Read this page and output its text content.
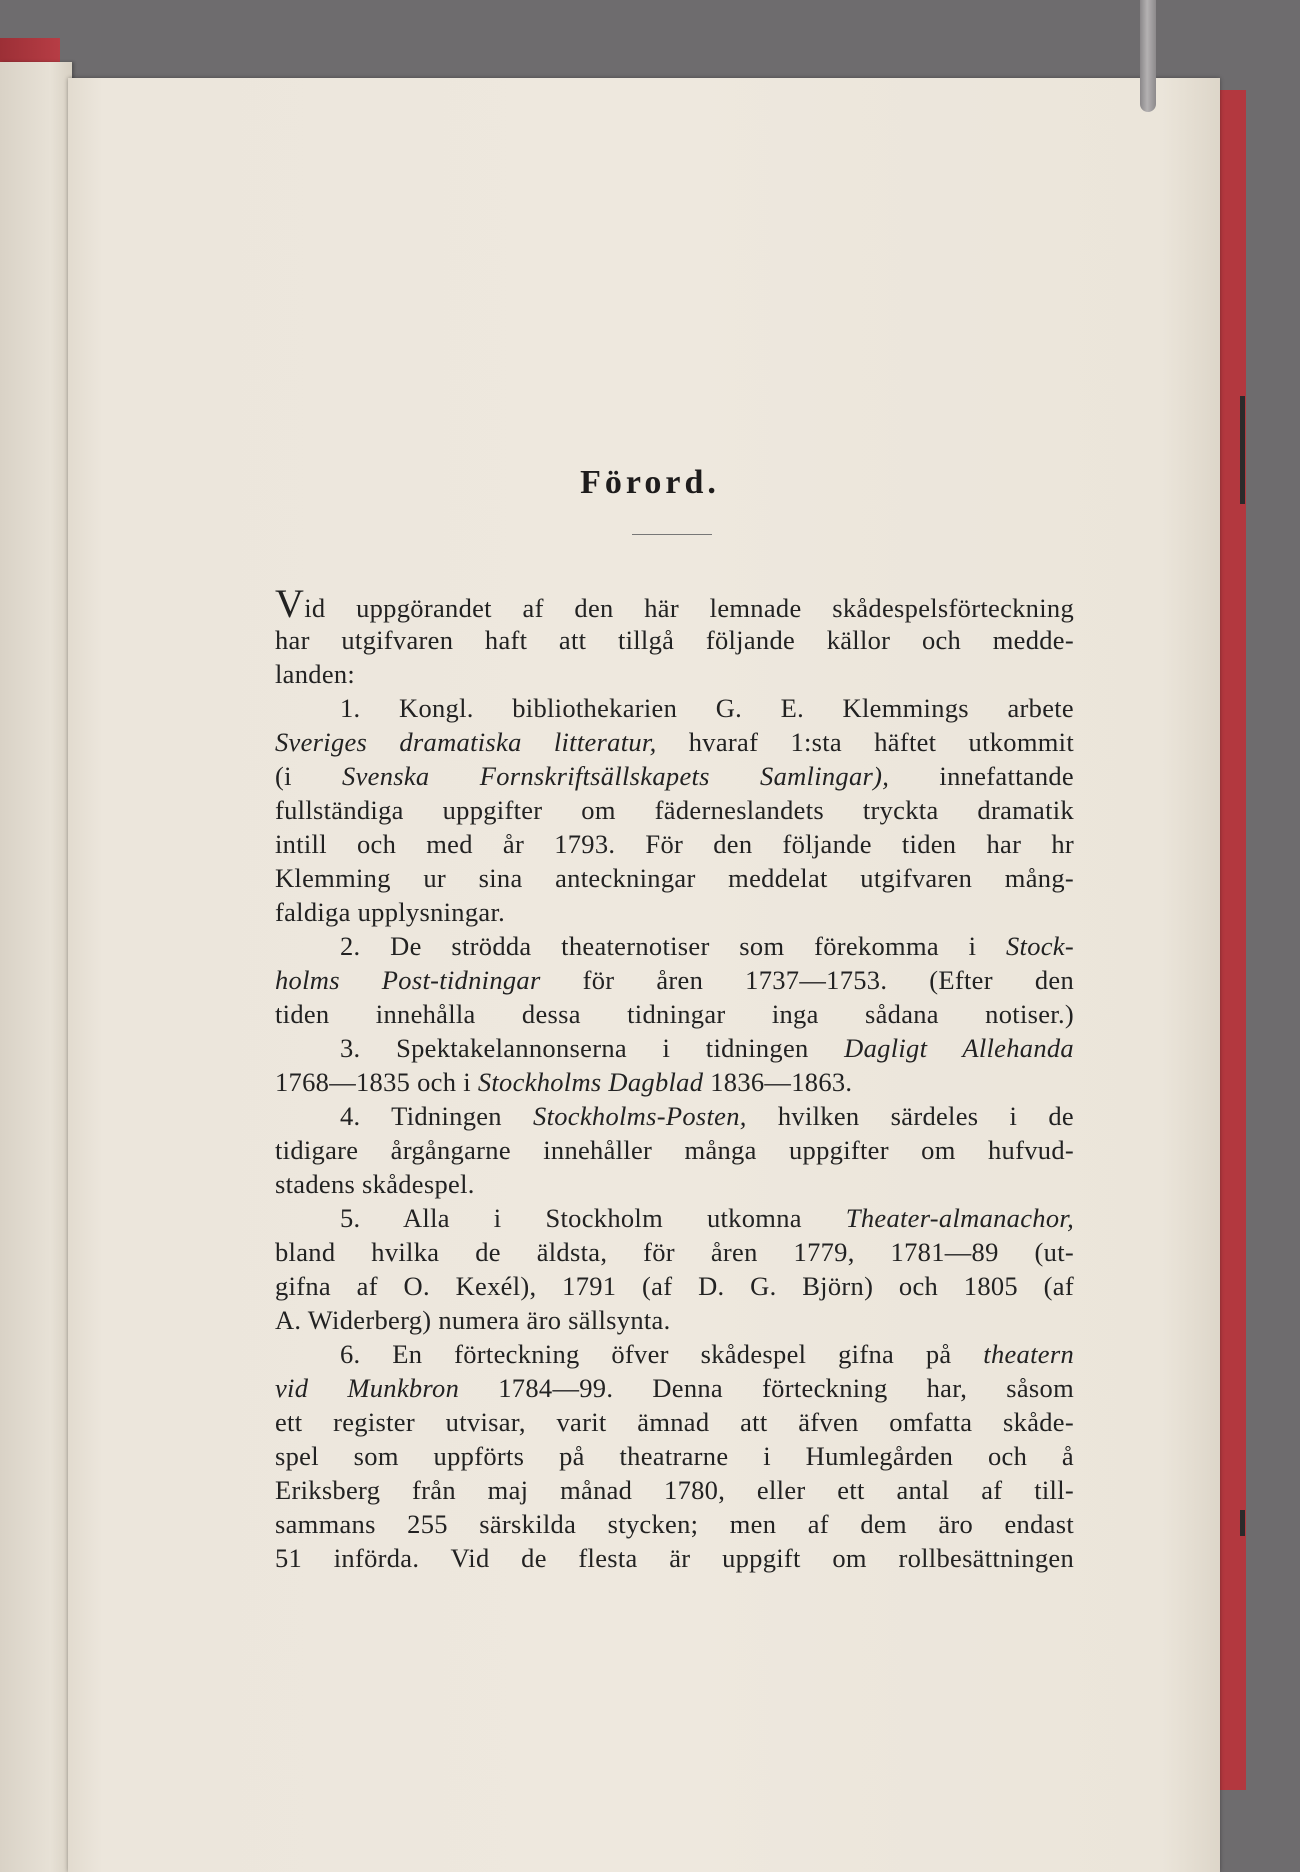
Förord.
Vid uppgörandet af den här lemnade skådespelsförteckning
har utgifvaren haft att tillgå följande källor och medde-
landen:
1. Kongl. bibliothekarien G. E. Klemmings arbete
Sveriges dramatiska litteratur, hvaraf 1:sta häftet utkommit
(i Svenska Fornskriftsällskapets Samlingar), innefattande
fullständiga uppgifter om fäderneslandets tryckta dramatik
intill och med år 1793. För den följande tiden har hr
Klemming ur sina anteckningar meddelat utgifvaren mång-
faldiga upplysningar.
2. De strödda theaternotiser som förekomma i Stock-
holms Post-tidningar för åren 1737—1753. (Efter den
tiden innehålla dessa tidningar inga sådana notiser.)
3. Spektakelannonserna i tidningen Dagligt Allehanda
1768—1835 och i Stockholms Dagblad 1836—1863.
4. Tidningen Stockholms-Posten, hvilken särdeles i de
tidigare årgångarne innehåller många uppgifter om hufvud-
stadens skådespel.
5. Alla i Stockholm utkomna Theater-almanachor,
bland hvilka de äldsta, för åren 1779, 1781—89 (ut-
gifna af O. Kexél), 1791 (af D. G. Björn) och 1805 (af
A. Widerberg) numera äro sällsynta.
6. En förteckning öfver skådespel gifna på theatern
vid Munkbron 1784—99. Denna förteckning har, såsom
ett register utvisar, varit ämnad att äfven omfatta skåde-
spel som uppförts på theatrarne i Humlegården och å
Eriksberg från maj månad 1780, eller ett antal af till-
sammans 255 särskilda stycken; men af dem äro endast
51 införda. Vid de flesta är uppgift om rollbesättningen
